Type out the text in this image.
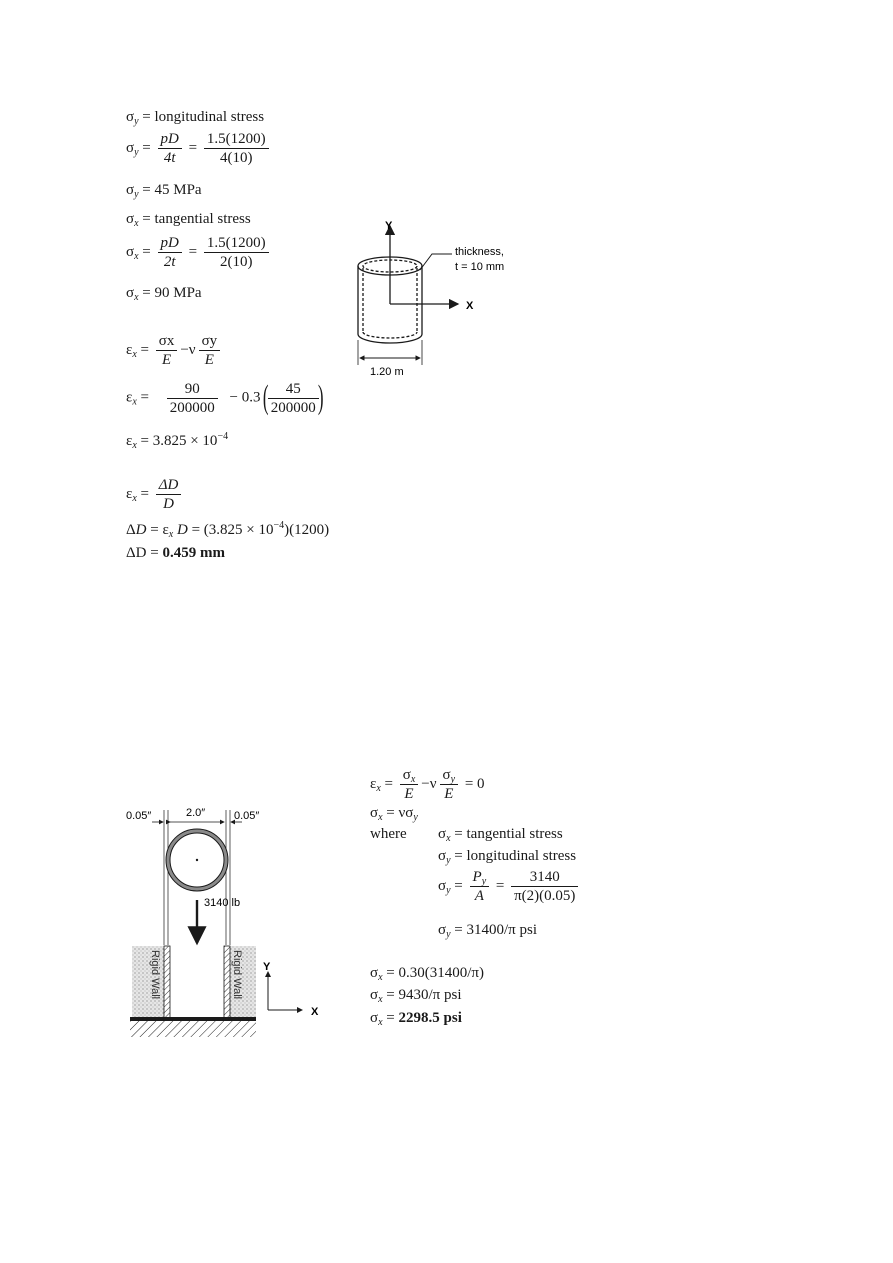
$\sigma_y$ = longitudinal stress
$\sigma_y = \frac{pD}{4t} = \frac{1.5(1200)}{4(10)}$
$\sigma_y = 45$ MPa
$\sigma_x$ = tangential stress
$\sigma_x = \frac{pD}{2t} = \frac{1.5(1200)}{2(10)}$
$\sigma_x = 90$ MPa
$\varepsilon_x = \frac{\sigma x}{E} -\nu \frac{\sigma y}{E}$
$\varepsilon_x = \frac{90}{200000} - 0.3$(
$\frac{45}{200000}$
)
$\varepsilon_x = 3.825 \times 10^{-4}$
$\varepsilon_x = \frac{\Delta D}{D}$
$\Delta D = \varepsilon_x$ $D = (3.825 \times 10^{-4})(1200)$
ΔD = 0.459 mm
Y
X
thickness,
t = 10 mm
1.20 m
$\varepsilon_x = \frac{\sigma_x}{E} -\nu \frac{\sigma_y}{E} = 0$
$\sigma_x = \nu\sigma_y$
where $\sigma_x$ = tangential stress
$\sigma_y$ = longitudinal stress
$\sigma_y = \frac{P_y}{A} = \frac{3140}{\pi(2)(0.05)}$
$\sigma_y = 31400/\pi$ psi
$\sigma_x = 0.30(31400/\pi)$
$\sigma_x = 9430/\pi$ psi
$\sigma_x = 2298.5$ psi
0.05″	2.0″	0.05″
3140 lb
Rigid Wall	Rigid Wall Y
X
